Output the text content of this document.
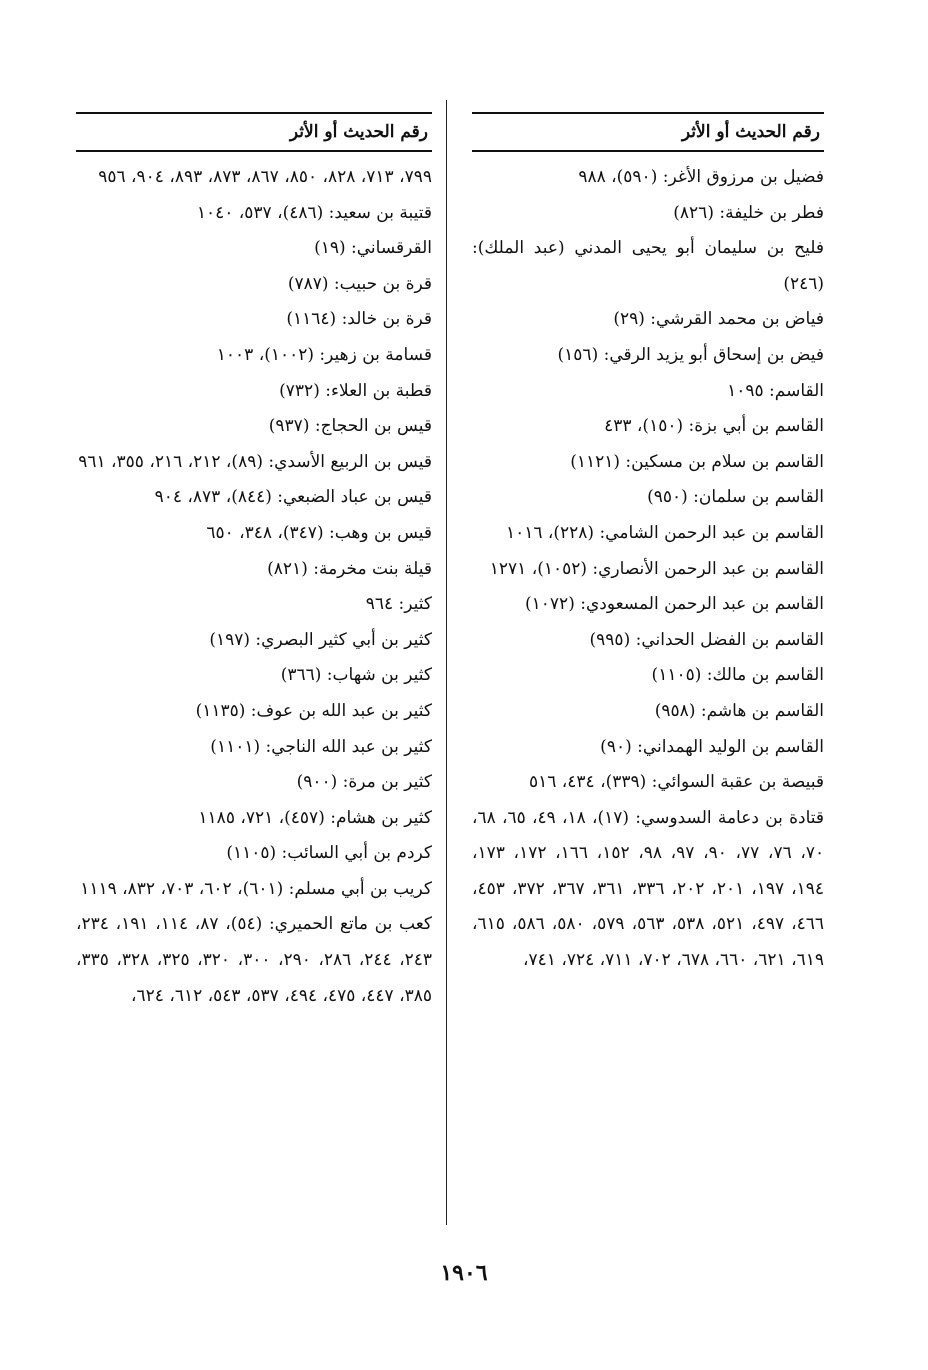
رقم الحديث أو الأثر
فضيل بن مرزوق الأغر: (٥٩٠)، ٩٨٨
فطر بن خليفة: (٨٢٦)
فليح بن سليمان أبو يحيى المدني (عبد الملك): (٢٤٦)
فياض بن محمد القرشي: (٢٩)
فيض بن إسحاق أبو يزيد الرقي: (١٥٦)
القاسم: ١٠٩٥
القاسم بن أبي بزة: (١٥٠)، ٤٣٣
القاسم بن سلام بن مسكين: (١١٢١)
القاسم بن سلمان: (٩٥٠)
القاسم بن عبد الرحمن الشامي: (٢٢٨)، ١٠١٦
القاسم بن عبد الرحمن الأنصاري: (١٠٥٢)، ١٢٧١
القاسم بن عبد الرحمن المسعودي: (١٠٧٢)
القاسم بن الفضل الحداني: (٩٩٥)
القاسم بن مالك: (١١٠٥)
القاسم بن هاشم: (٩٥٨)
القاسم بن الوليد الهمداني: (٩٠)
قبيصة بن عقبة السوائي: (٣٣٩)، ٤٣٤، ٥١٦
قتادة بن دعامة السدوسي: (١٧)، ١٨، ٤٩، ٦٥، ٦٨، ٧٠، ٧٦، ٧٧، ٩٠، ٩٧، ٩٨، ١٥٢، ١٦٦، ١٧٢، ١٧٣، ١٩٤، ١٩٧، ٢٠١، ٢٠٢، ٣٣٦، ٣٦١، ٣٦٧، ٣٧٢، ٤٥٣، ٤٦٦، ٤٩٧، ٥٢١، ٥٣٨، ٥٦٣، ٥٧٩، ٥٨٠، ٥٨٦، ٦١٥، ٦١٩، ٦٢١، ٦٦٠، ٦٧٨، ٧٠٢، ٧١١، ٧٢٤، ٧٤١،
رقم الحديث أو الأثر
٧٩٩، ٧١٣، ٨٢٨، ٨٥٠، ٨٦٧، ٨٧٣، ٨٩٣، ٩٠٤، ٩٥٦
قتيبة بن سعيد: (٤٨٦)، ٥٣٧، ١٠٤٠
القرقساني: (١٩)
قرة بن حبيب: (٧٨٧)
قرة بن خالد: (١١٦٤)
قسامة بن زهير: (١٠٠٢)، ١٠٠٣
قطبة بن العلاء: (٧٣٢)
قيس بن الحجاج: (٩٣٧)
قيس بن الربيع الأسدي: (٨٩)، ٢١٢، ٢١٦، ٣٥٥، ٩٦١
قيس بن عباد الضبعي: (٨٤٤)، ٨٧٣، ٩٠٤
قيس بن وهب: (٣٤٧)، ٣٤٨، ٦٥٠
قيلة بنت مخرمة: (٨٢١)
كثير: ٩٦٤
كثير بن أبي كثير البصري: (١٩٧)
كثير بن شهاب: (٣٦٦)
كثير بن عبد الله بن عوف: (١١٣٥)
كثير بن عبد الله الناجي: (١١٠١)
كثير بن مرة: (٩٠٠)
كثير بن هشام: (٤٥٧)، ٧٢١، ١١٨٥
كردم بن أبي السائب: (١١٠٥)
كريب بن أبي مسلم: (٦٠١)، ٦٠٢، ٧٠٣، ٨٣٢، ١١١٩
كعب بن ماتع الحميري: (٥٤)، ٨٧، ١١٤، ١٩١، ٢٣٤، ٢٤٣، ٢٤٤، ٢٨٦، ٢٩٠، ٣٠٠، ٣٢٠، ٣٢٥، ٣٢٨، ٣٣٥، ٣٨٥، ٤٤٧، ٤٧٥، ٤٩٤، ٥٣٧، ٥٤٣، ٦١٢، ٦٢٤،
١٩٠٦
